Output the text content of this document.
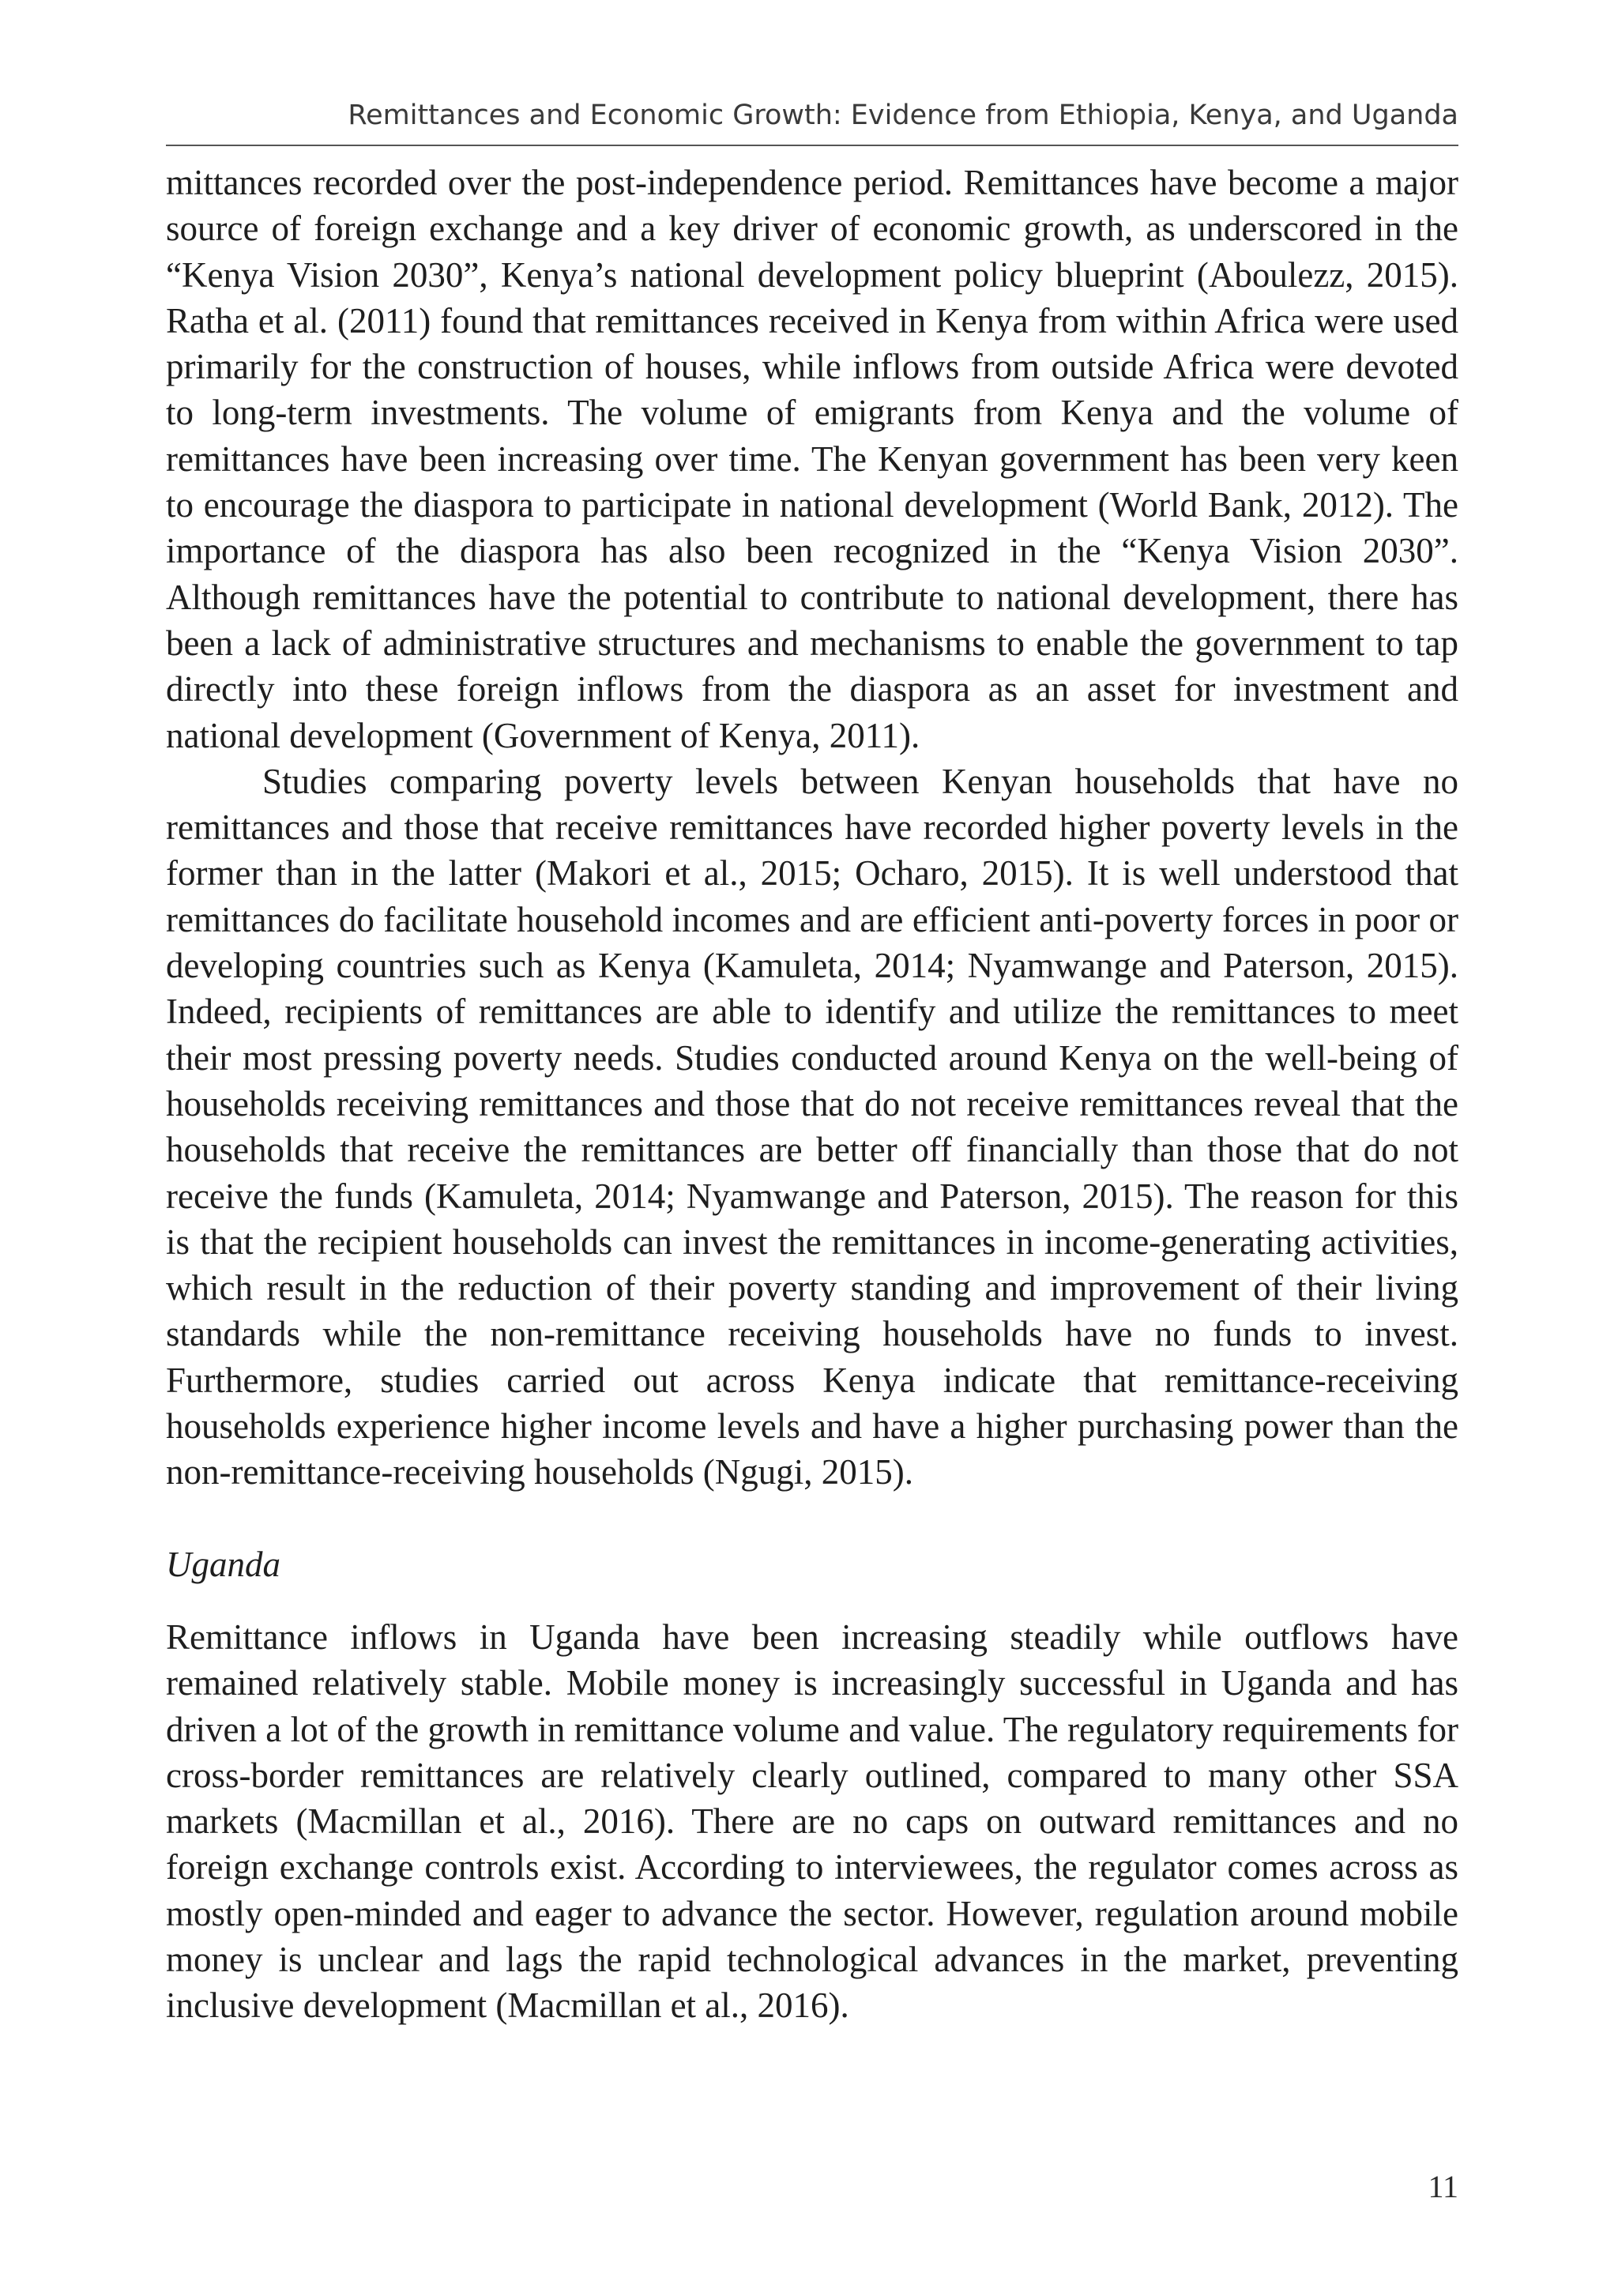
Remittances and Economic Growth: Evidence from Ethiopia, Kenya, and Uganda

mittances recorded over the post-independence period. Remittances have become a major source of foreign exchange and a key driver of economic growth, as underscored in the “Kenya Vision 2030”, Kenya’s national development policy blueprint (Aboulezz, 2015). Ratha et al. (2011) found that remittances received in Kenya from within Africa were used primarily for the construction of houses, while inflows from outside Africa were devoted to long-term investments. The volume of emigrants from Kenya and the volume of remittances have been increasing over time. The Kenyan government has been very keen to encourage the diaspora to participate in national development (World Bank, 2012). The importance of the diaspora has also been recognized in the “Kenya Vision 2030”. Although remittances have the potential to contribute to national development, there has been a lack of administrative structures and mechanisms to enable the government to tap directly into these foreign inflows from the diaspora as an asset for investment and national development (Government of Kenya, 2011).

Studies comparing poverty levels between Kenyan households that have no remittances and those that receive remittances have recorded higher poverty levels in the former than in the latter (Makori et al., 2015; Ocharo, 2015). It is well understood that remittances do facilitate household incomes and are efficient anti-poverty forces in poor or developing countries such as Kenya (Kamuleta, 2014; Nyamwange and Paterson, 2015). Indeed, recipients of remittances are able to identify and utilize the remittances to meet their most pressing poverty needs. Studies conducted around Kenya on the well-being of households receiving remittances and those that do not receive remittances reveal that the households that receive the remittances are better off financially than those that do not receive the funds (Kamuleta, 2014; Nyamwange and Paterson, 2015). The reason for this is that the recipient households can invest the remittances in income-generating activities, which result in the reduction of their poverty standing and improvement of their living standards while the non-remittance receiving households have no funds to invest. Furthermore, studies carried out across Kenya indicate that remittance-receiving households experience higher income levels and have a higher purchasing power than the non-remittance-receiving households (Ngugi, 2015).

Uganda

Remittance inflows in Uganda have been increasing steadily while outflows have remained relatively stable. Mobile money is increasingly successful in Uganda and has driven a lot of the growth in remittance volume and value. The regulatory requirements for cross-border remittances are relatively clearly outlined, compared to many other SSA markets (Macmillan et al., 2016). There are no caps on outward remittances and no foreign exchange controls exist. According to interviewees, the regulator comes across as mostly open-minded and eager to advance the sector. However, regulation around mobile money is unclear and lags the rapid technological advances in the market, preventing inclusive development (Macmillan et al., 2016).

11
